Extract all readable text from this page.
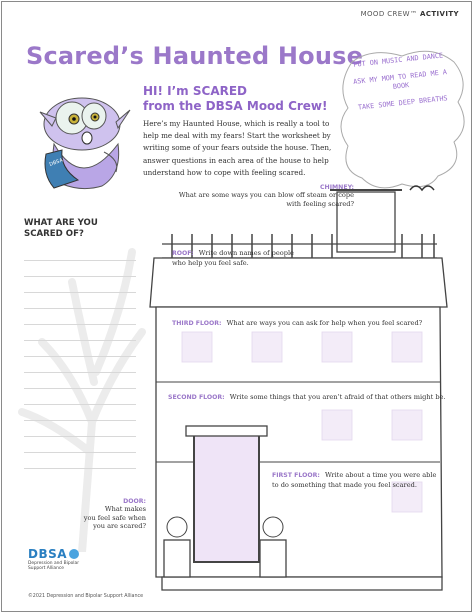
MOOD CREW™ ACTIVITY
Scared’s Haunted House
DBSA
HI! I’m SCARED
from the DBSA Mood Crew!
Here’s my Haunted House, which is really a tool to help me deal with my fears! Start the worksheet by writing some of your fears outside the house. Then, answer questions in each area of the house to help understand how to cope with feeling scared.
PUT ON MUSIC AND DANCE
ASK MY MOM TO READ ME A BOOK
TAKE SOME DEEP BREATHS
WHAT ARE YOU
SCARED OF?
CHIMNEY:
What are some ways you can blow off steam or cope with feeling scared?
ROOF: Write down names of people
who help you feel safe.
THIRD FLOOR: What are ways you can ask for help when you feel scared?
SECOND FLOOR: Write some things that you aren’t afraid of that others might be.
FIRST FLOOR: Write about a time you were able
to do something that made you feel scared.
DOOR:
What makes
you feel safe when
you are scared?
DBSA
Depression and Bipolar
Support Alliance
©2021 Depression and Bipolar Support Alliance
